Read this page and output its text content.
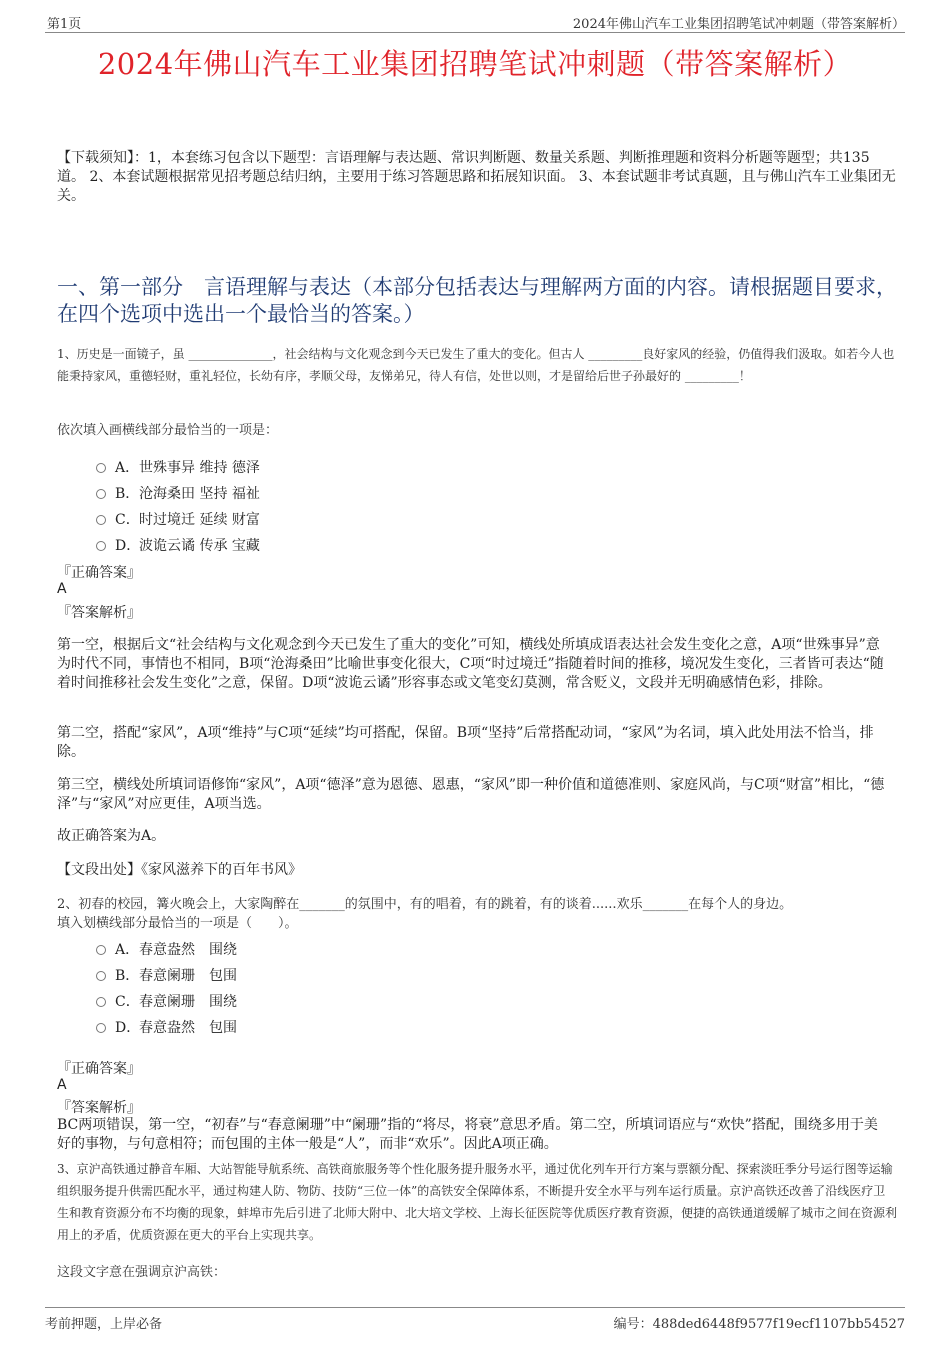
第1页	2024年佛山汽车工业集团招聘笔试冲刺题（带答案解析）
2024年佛山汽车工业集团招聘笔试冲刺题（带答案解析）
【下载须知】：1，本套练习包含以下题型：言语理解与表达题、常识判断题、数量关系题、判断推理题和资料分析题等题型；共135道。 2、本套试题根据常见招考题总结归纳，主要用于练习答题思路和拓展知识面。 3、本套试题非考试真题，且与佛山汽车工业集团无关。
一、第一部分　言语理解与表达（本部分包括表达与理解两方面的内容。请根据题目要求，在四个选项中选出一个最恰当的答案。）
1、历史是一面镜子，虽 ______________，社会结构与文化观念到今天已发生了重大的变化。但古人 _________良好家风的经验，仍值得我们汲取。如若今人也能秉持家风，重德轻财，重礼轻位，长幼有序，孝顺父母，友悌弟兄，待人有信，处世以则，才是留给后世子孙最好的 _________！
依次填入画横线部分最恰当的一项是：
A．世殊事异 维持 德泽
B．沧海桑田 坚持 福祉
C．时过境迁 延续 财富
D．波诡云谲 传承 宝藏
『正确答案』
A
『答案解析』
第一空，根据后文“社会结构与文化观念到今天已发生了重大的变化”可知，横线处所填成语表达社会发生变化之意，A项“世殊事异”意为时代不同，事情也不相同，B项“沧海桑田”比喻世事变化很大，C项“时过境迁”指随着时间的推移，境况发生变化，三者皆可表达“随着时间推移社会发生变化”之意，保留。D项“波诡云谲”形容事态或文笔变幻莫测，常含贬义，文段并无明确感情色彩，排除。
第二空，搭配“家风”，A项“维持”与C项“延续”均可搭配，保留。B项“坚持”后常搭配动词，“家风”为名词，填入此处用法不恰当，排除。
第三空，横线处所填词语修饰“家风”，A项“德泽”意为恩德、恩惠，“家风”即一种价值和道德准则、家庭风尚，与C项“财富”相比，“德泽”与“家风”对应更佳，A项当选。
故正确答案为A。
【文段出处】《家风滋养下的百年书风》
2、初春的校园，篝火晚会上，大家陶醉在_______的氛围中，有的唱着，有的跳着，有的谈着......欢乐_______在每个人的身边。
填入划横线部分最恰当的一项是（　　）。
A．春意盎然　围绕
B．春意阑珊　包围
C．春意阑珊　围绕
D．春意盎然　包围
『正确答案』
A
『答案解析』
BC两项错误，第一空，“初春”与“春意阑珊”中“阑珊”指的“将尽，将衰”意思矛盾。第二空，所填词语应与“欢快”搭配，围绕多用于美好的事物，与句意相符；而包围的主体一般是“人”，而非“欢乐”。因此A项正确。
3、京沪高铁通过静音车厢、大站智能导航系统、高铁商旅服务等个性化服务提升服务水平，通过优化列车开行方案与票额分配、探索淡旺季分号运行图等运输组织服务提升供需匹配水平，通过构建人防、物防、技防“三位一体”的高铁安全保障体系，不断提升安全水平与列车运行质量。京沪高铁还改善了沿线医疗卫生和教育资源分布不均衡的现象，蚌埠市先后引进了北师大附中、北大培文学校、上海长征医院等优质医疗教育资源，便捷的高铁通道缓解了城市之间在资源利用上的矛盾，优质资源在更大的平台上实现共享。
这段文字意在强调京沪高铁：
考前押题，上岸必备	编号：488ded6448f9577f19ecf1107bb54527
